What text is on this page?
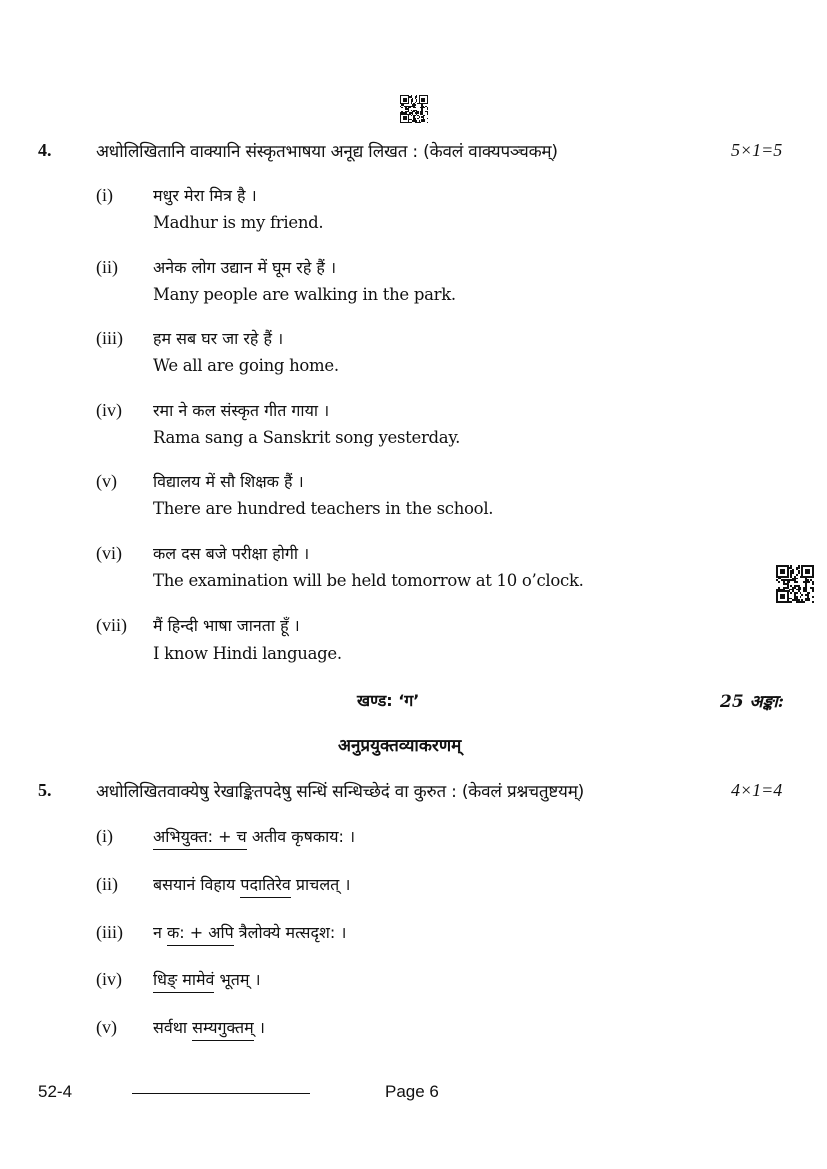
4.	अधोलिखितानि वाक्यानि संस्कृतभाषया अनूद्य लिखत : (केवलं वाक्यपञ्चकम्)	5×1=5
(i)	मधुर मेरा मित्र है ।
Madhur is my friend.
(ii) अनेक लोग उद्यान में घूम रहे हैं ।
Many people are walking in the park.
(iii) हम सब घर जा रहे हैं ।
We all are going home.
(iv) रमा ने कल संस्कृत गीत गाया ।
Rama sang a Sanskrit song yesterday.
(v) विद्यालय में सौ शिक्षक हैं ।
There are hundred teachers in the school.
(vi) कल दस बजे परीक्षा होगी ।
The examination will be held tomorrow at 10 o’clock.
(vii) मैं हिन्दी भाषा जानता हूँ ।
I know Hindi language.
खण्ड: ‘ग’	25 अङ्का:
अनुप्रयुक्तव्याकरणम्
5.	अधोलिखितवाक्येषु रेखाङ्कितपदेषु सन्धिं सन्धिच्छेदं वा कुरुत : (केवलं प्रश्नचतुष्टयम्)	4×1=4
(i)	अभियुक्त: + च अतीव कृषकाय: ।
(ii) बसयानं विहाय पदातिरेव प्राचलत् ।
(iii) न क: + अपि त्रैलोक्ये मत्सदृश: ।
(iv) धिङ् मामेवं भूतम् ।
(v) सर्वथा सम्यगुक्तम् ।
52-4	Page 6
